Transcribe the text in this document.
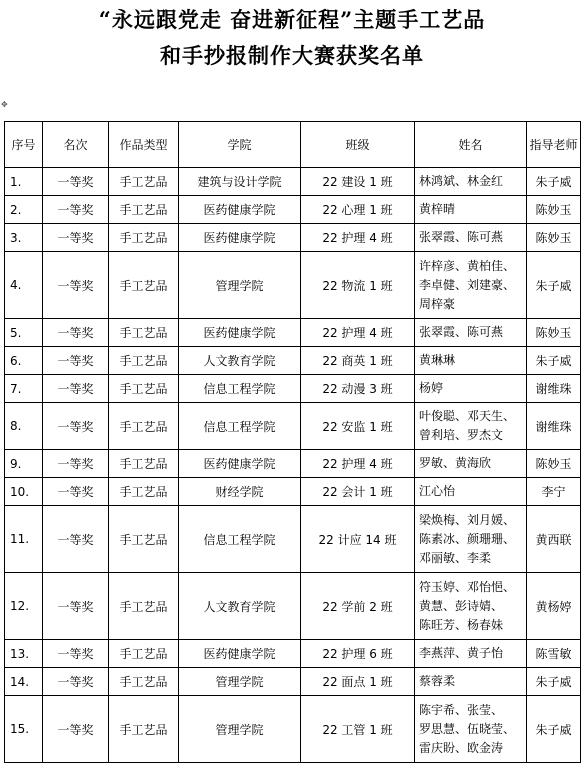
“永远跟党走 奋进新征程”主题手工艺品
和手抄报制作大赛获奖名单
✥
序号	名次	作品类型	学院	班级	姓名	指导老师
1.	一等奖	手工艺品	建筑与设计学院	22 建设 1 班	林鸿斌、林金红	朱子威
2.	一等奖	手工艺品	医药健康学院	22 心理 1 班	黄梓晴	陈妙玉
3.	一等奖	手工艺品	医药健康学院	22 护理 4 班	张翠霞、陈可燕	陈妙玉
4.	一等奖	手工艺品	管理学院	22 物流 1 班	许梓彦、黄柏佳、
李卓健、刘建豪、
周梓豪	朱子威
5.	一等奖	手工艺品	医药健康学院	22 护理 4 班	张翠霞、陈可燕	陈妙玉
6.	一等奖	手工艺品	人文教育学院	22 商英 1 班	黄琳琳	朱子威
7.	一等奖	手工艺品	信息工程学院	22 动漫 3 班	杨婷	谢维珠
8.	一等奖	手工艺品	信息工程学院	22 安监 1 班	叶俊聪、邓天生、
曾利培、罗杰文	谢维珠
9.	一等奖	手工艺品	医药健康学院	22 护理 4 班	罗敏、黄海欣	陈妙玉
10.	一等奖	手工艺品	财经学院	22 会计 1 班	江心怡	李宁
11.	一等奖	手工艺品	信息工程学院	22 计应 14 班	梁焕梅、刘月媛、
陈素冰、颜珊珊、
邓丽敏、李柔	黄西联
12.	一等奖	手工艺品	人文教育学院	22 学前 2 班	符玉婷、邓怡悒、
黄慧、彭诗婧、
陈旺芳、杨春妹	黄杨婷
13.	一等奖	手工艺品	医药健康学院	22 护理 6 班	李燕萍、黄子怡	陈雪敏
14.	一等奖	手工艺品	管理学院	22 面点 1 班	蔡蓉柔	朱子威
15.	一等奖	手工艺品	管理学院	22 工管 1 班	陈宇希、张莹、
罗思慧、伍晓莹、
雷庆盼、欧金涛	朱子威
